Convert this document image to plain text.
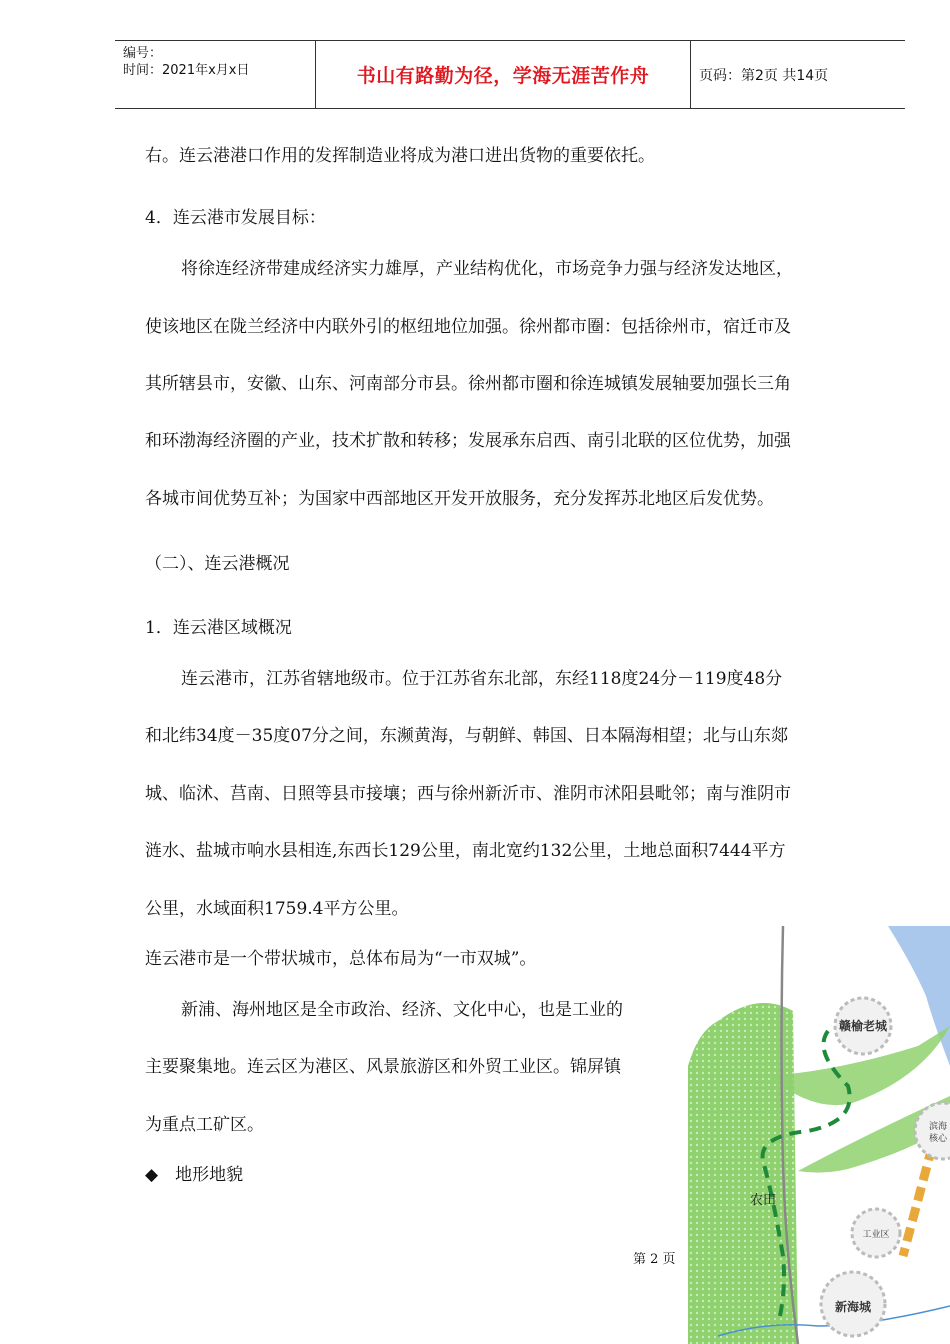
编号：
时间：2021年x月x日	书山有路勤为径，学海无涯苦作舟	页码：第2页 共14页
右。连云港港口作用的发挥制造业将成为港口进出货物的重要依托。
4．连云港市发展目标：
将徐连经济带建成经济实力雄厚，产业结构优化，市场竞争力强与经济发达地区，
使该地区在陇兰经济中内联外引的枢纽地位加强。徐州都市圈：包括徐州市，宿迁市及
其所辖县市，安徽、山东、河南部分市县。徐州都市圈和徐连城镇发展轴要加强长三角
和环渤海经济圈的产业，技术扩散和转移；发展承东启西、南引北联的区位优势，加强
各城市间优势互补；为国家中西部地区开发开放服务，充分发挥苏北地区后发优势。
（二）、连云港概况
1．连云港区域概况
连云港市，江苏省辖地级市。位于江苏省东北部，东经118度24分－119度48分
和北纬34度－35度07分之间，东濒黄海，与朝鲜、韩国、日本隔海相望；北与山东郯
城、临沭、莒南、日照等县市接壤；西与徐州新沂市、淮阴市沭阳县毗邻；南与淮阴市
涟水、盐城市响水县相连,东西长129公里，南北宽约132公里，土地总面积7444平方
公里，水域面积1759.4平方公里。
连云港市是一个带状城市，总体布局为“一市双城”。
新浦、海州地区是全市政治、经济、文化中心，也是工业的
主要聚集地。连云区为港区、风景旅游区和外贸工业区。锦屏镇
为重点工矿区。
◆　地形地貌
第 2 页
赣榆老城
滨海
核心
农田
工业区
新海城
